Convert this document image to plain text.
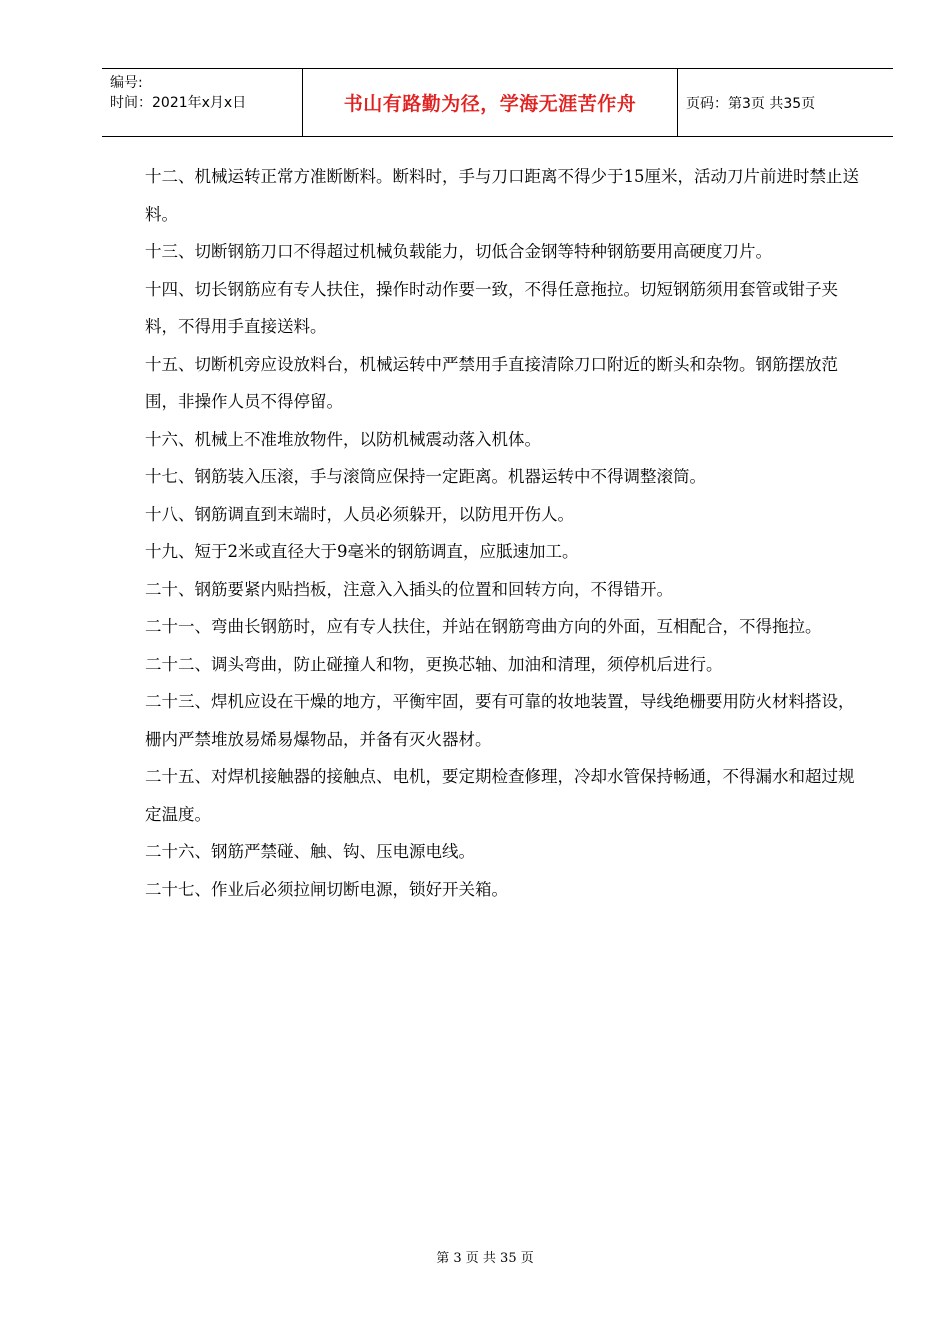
编号:
时间：2021年x月x日	书山有路勤为径，学海无涯苦作舟	页码：第3页 共35页

十二、机械运转正常方准断断料。断料时，手与刀口距离不得少于15厘米，活动刀片前进时禁止送料。

十三、切断钢筋刀口不得超过机械负载能力，切低合金钢等特种钢筋要用高硬度刀片。

十四、切长钢筋应有专人扶住，操作时动作要一致，不得任意拖拉。切短钢筋须用套管或钳子夹料，不得用手直接送料。

十五、切断机旁应设放料台，机械运转中严禁用手直接清除刀口附近的断头和杂物。钢筋摆放范围，非操作人员不得停留。

十六、机械上不准堆放物件，以防机械震动落入机体。

十七、钢筋装入压滚，手与滚筒应保持一定距离。机器运转中不得调整滚筒。

十八、钢筋调直到末端时，人员必须躲开，以防甩开伤人。

十九、短于2米或直径大于9毫米的钢筋调直，应胝速加工。

二十、钢筋要紧内贴挡板，注意入入插头的位置和回转方向，不得错开。

二十一、弯曲长钢筋时，应有专人扶住，并站在钢筋弯曲方向的外面，互相配合，不得拖拉。

二十二、调头弯曲，防止碰撞人和物，更换芯轴、加油和清理，须停机后进行。

二十三、焊机应设在干燥的地方，平衡牢固，要有可靠的妆地装置，导线绝栅要用防火材料搭设，栅内严禁堆放易烯易爆物品，并备有灭火器材。

二十五、对焊机接触器的接触点、电机，要定期检查修理，冷却水管保持畅通，不得漏水和超过规定温度。

二十六、钢筋严禁碰、触、钩、压电源电线。

二十七、作业后必须拉闸切断电源，锁好开关箱。

第 3 页 共 35 页
